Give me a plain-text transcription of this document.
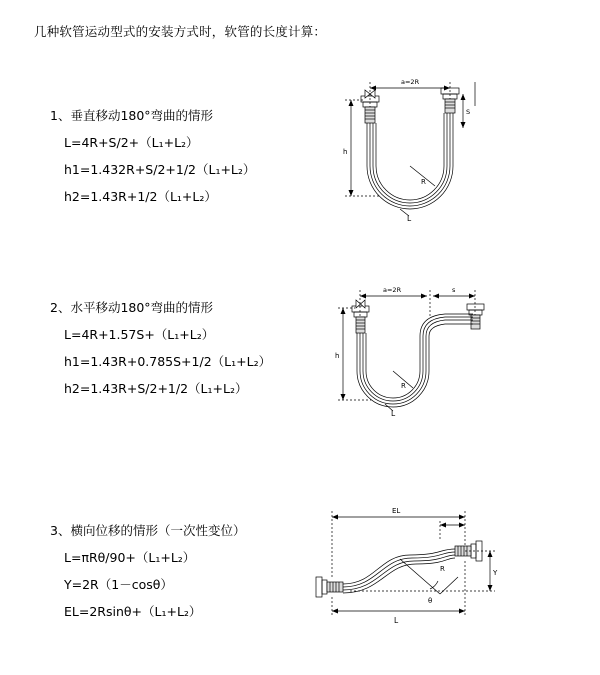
几种软管运动型式的安装方式时，软管的长度计算：
1、垂直移动180°弯曲的情形
L=4R+S/2+（L₁+L₂）
h1=1.432R+S/2+1/2（L₁+L₂）
h2=1.43R+1/2（L₁+L₂）
a=2R
S
R
h
L
2、水平移动180°弯曲的情形
L=4R+1.57S+（L₁+L₂）
h1=1.43R+0.785S+1/2（L₁+L₂）
h2=1.43R+S/2+1/2（L₁+L₂）
a=2R	s
R
h
L
3、横向位移的情形（一次性变位）
L=πRθ/90+（L₁+L₂）
Y=2R（1－cosθ）
EL=2Rsinθ+（L₁+L₂）
EL
Y
θ
R
L
